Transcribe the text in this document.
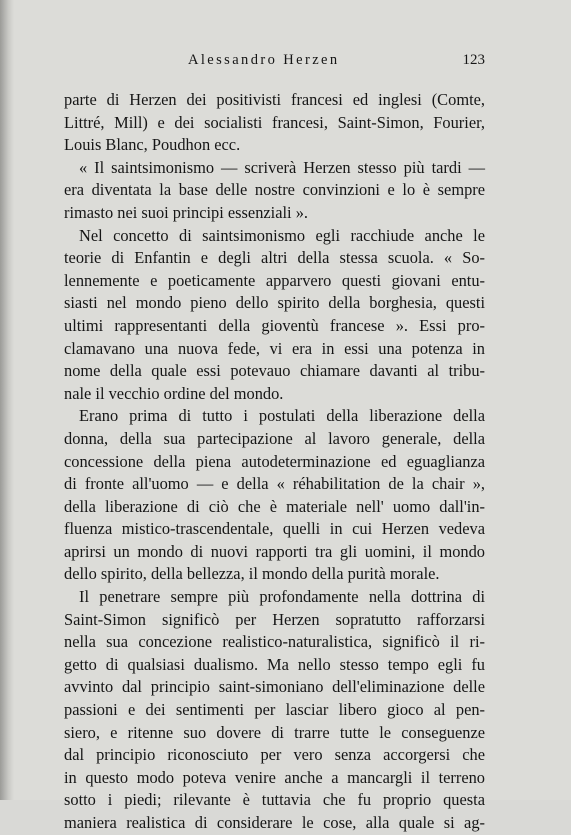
Alessandro Herzen	123
parte di Herzen dei positivisti francesi ed inglesi (Comte,
Littré, Mill) e dei socialisti francesi, Saint-Simon, Fourier,
Louis Blanc, Poudhon ecc.
« Il saintsimonismo — scriverà Herzen stesso più tardi —
era diventata la base delle nostre convinzioni e lo è sempre
rimasto nei suoi principi essenziali ».
Nel concetto di saintsimonismo egli racchiude anche le
teorie di Enfantin e degli altri della stessa scuola. « So-
lennemente e poeticamente apparvero questi giovani entu-
siasti nel mondo pieno dello spirito della borghesia, questi
ultimi rappresentanti della gioventù francese ». Essi pro-
clamavano una nuova fede, vi era in essi una potenza in
nome della quale essi potevauo chiamare davanti al tribu-
nale il vecchio ordine del mondo.
Erano prima di tutto i postulati della liberazione della
donna, della sua partecipazione al lavoro generale, della
concessione della piena autodeterminazione ed eguaglianza
di fronte all'uomo — e della « réhabilitation de la chair »,
della liberazione di ciò che è materiale nell' uomo dall'in-
fluenza mistico-trascendentale, quelli in cui Herzen vedeva
aprirsi un mondo di nuovi rapporti tra gli uomini, il mondo
dello spirito, della bellezza, il mondo della purità morale.
Il penetrare sempre più profondamente nella dottrina di
Saint-Simon significò per Herzen sopratutto rafforzarsi
nella sua concezione realistico-naturalistica, significò il ri-
getto di qualsiasi dualismo. Ma nello stesso tempo egli fu
avvinto dal principio saint-simoniano dell'eliminazione delle
passioni e dei sentimenti per lasciar libero gioco al pen-
siero, e ritenne suo dovere di trarre tutte le conseguenze
dal principio riconosciuto per vero senza accorgersi che
in questo modo poteva venire anche a mancargli il terreno
sotto i piedi; rilevante è tuttavia che fu proprio questa
maniera realistica di considerare le cose, alla quale si ag-
